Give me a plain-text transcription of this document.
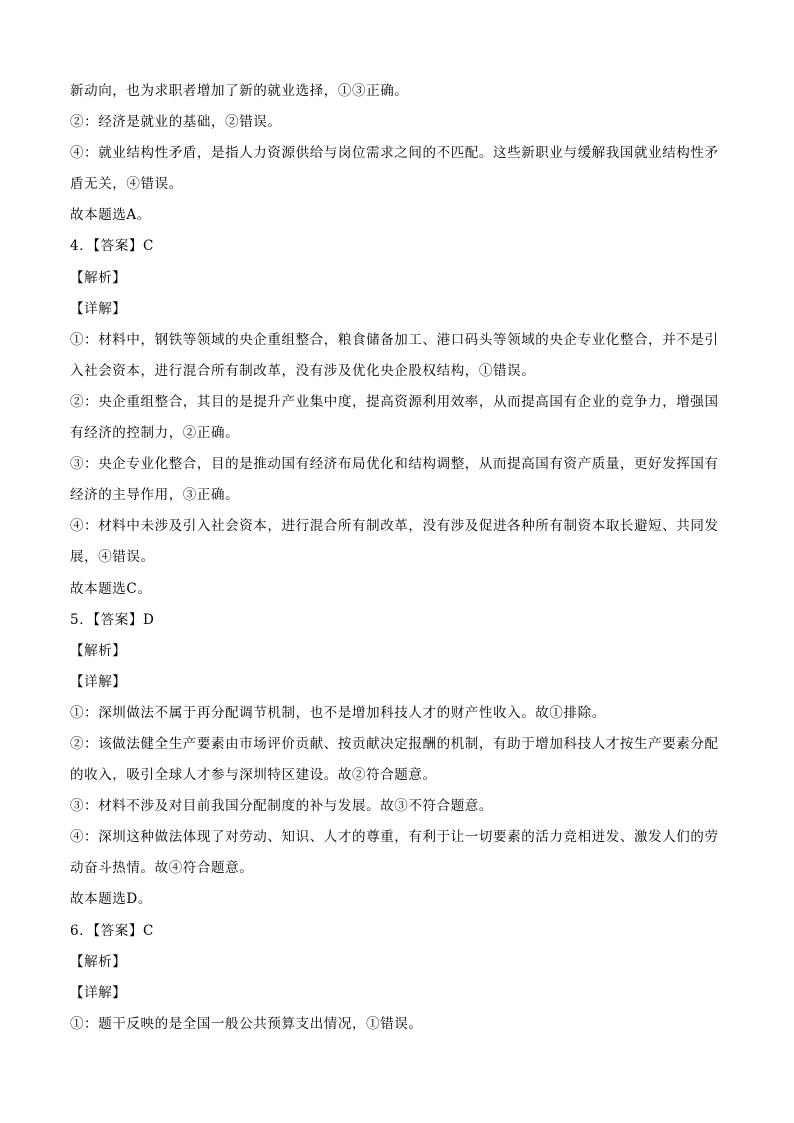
新动向，也为求职者增加了新的就业选择，①③正确。
②：经济是就业的基础，②错误。
④：就业结构性矛盾，是指人力资源供给与岗位需求之间的不匹配。这些新职业与缓解我国就业结构性矛
盾无关，④错误。
故本题选A。
4．【答案】C
【解析】
【详解】
①：材料中，钢铁等领域的央企重组整合，粮食储备加工、港口码头等领域的央企专业化整合，并不是引
入社会资本，进行混合所有制改革，没有涉及优化央企股权结构，①错误。
②：央企重组整合，其目的是提升产业集中度，提高资源利用效率，从而提高国有企业的竞争力，增强国
有经济的控制力，②正确。
③：央企专业化整合，目的是推动国有经济布局优化和结构调整，从而提高国有资产质量，更好发挥国有
经济的主导作用，③正确。
④：材料中未涉及引入社会资本，进行混合所有制改革，没有涉及促进各种所有制资本取长避短、共同发
展，④错误。
故本题选C。
5．【答案】D
【解析】
【详解】
①：深圳做法不属于再分配调节机制，也不是增加科技人才的财产性收入。故①排除。
②：该做法健全生产要素由市场评价贡献、按贡献决定报酬的机制，有助于增加科技人才按生产要素分配
的收入，吸引全球人才参与深圳特区建设。故②符合题意。
③：材料不涉及对目前我国分配制度的补与发展。故③不符合题意。
④：深圳这种做法体现了对劳动、知识、人才的尊重，有利于让一切要素的活力竞相迸发、激发人们的劳
动奋斗热情。故④符合题意。
故本题选D。
6．【答案】C
【解析】
【详解】
①：题干反映的是全国一般公共预算支出情况，①错误。
